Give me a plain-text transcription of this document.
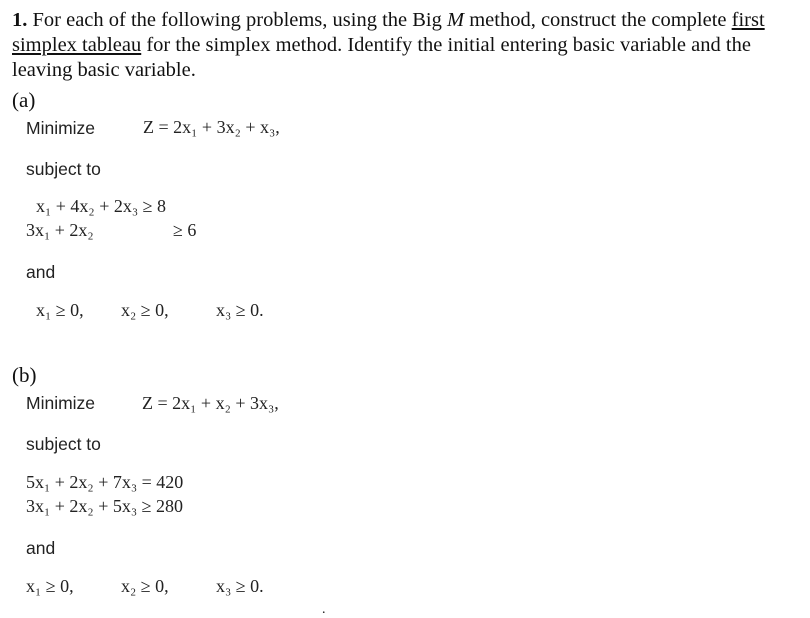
1. For each of the following problems, using the Big M method, construct the complete first simplex tableau for the simplex method. Identify the initial entering basic variable and the leaving basic variable.
(a)
Minimize	Z = 2x₁ + 3x₂ + x₃,
subject to
x₁ + 4x₂ + 2x₃ ≥ 8
3x₁ + 2x₂	≥ 6
and
x₁ ≥ 0, x₂ ≥ 0,	x₃ ≥ 0.
(b)
Minimize	Z = 2x₁ + x₂ + 3x₃,
subject to
5x₁ + 2x₂ + 7x₃ = 420
3x₁ + 2x₂ + 5x₃ ≥ 280
and
x₁ ≥ 0,	x₂ ≥ 0,	x₃ ≥ 0.
.
